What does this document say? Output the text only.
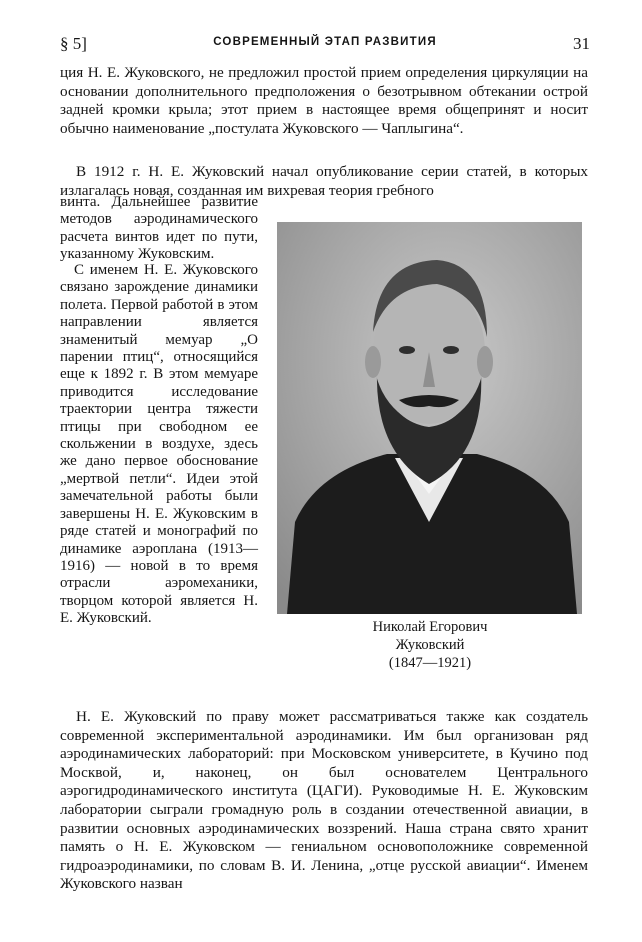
§ 5]	СОВРЕМЕННЫЙ ЭТАП РАЗВИТИЯ	31

ция Н. Е. Жуковского, не предложил простой прием определения циркуляции на основании дополнительного предположения о безотрывном обтекании острой задней кромки крыла; этот прием в настоящее время общепринят и носит обычно наименование „постулата Жуковского — Чаплыгина“.

В 1912 г. Н. Е. Жуковский начал опубликование серии статей, в которых излагалась новая, созданная им вихревая теория гребного

винта. Дальнейшее развитие методов аэродинамического расчета винтов идет по пути, указанному Жуковским.

С именем Н. Е. Жуковского связано зарождение динамики полета. Первой работой в этом направлении является знаменитый мемуар „О парении птиц“, относящийся еще к 1892 г. В этом мемуаре приводится исследование траектории центра тяжести птицы при свободном ее скольжении в воздухе, здесь же дано первое обоснование „мертвой петли“. Идеи этой замечательной работы были завершены Н. Е. Жуковским в ряде статей и монографий по динамике аэроплана (1913—1916) — новой в то время отрасли аэромеханики, творцом которой является Н. Е. Жуковский.

Николай Егорович
Жуковский
(1847—1921)

Н. Е. Жуковский по праву может рассматриваться также как создатель современной экспериментальной аэродинамики. Им был организован ряд аэродинамических лабораторий: при Московском университете, в Кучино под Москвой, и, наконец, он был основателем Центрального аэрогидродинамического института (ЦАГИ). Руководимые Н. Е. Жуковским лаборатории сыграли громадную роль в создании отечественной авиации, в развитии основных аэродинамических воззрений. Наша страна свято хранит память о Н. Е. Жуковском — гениальном основоположнике современной гидроаэродинамики, по словам В. И. Ленина, „отце русской авиации“. Именем Жуковского назван
